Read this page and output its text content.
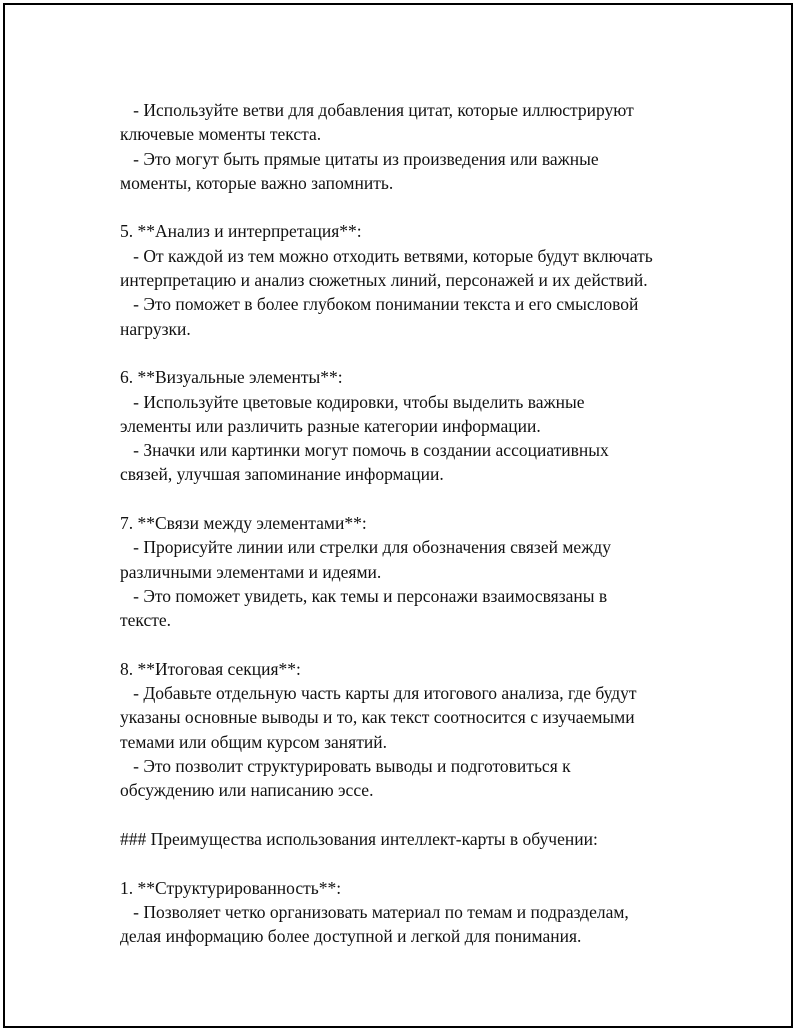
- Используйте ветви для добавления цитат, которые иллюстрируют
ключевые моменты текста.
- Это могут быть прямые цитаты из произведения или важные
моменты, которые важно запомнить.
5. **Анализ и интерпретация**:
- От каждой из тем можно отходить ветвями, которые будут включать
интерпретацию и анализ сюжетных линий, персонажей и их действий.
- Это поможет в более глубоком понимании текста и его смысловой
нагрузки.
6. **Визуальные элементы**:
- Используйте цветовые кодировки, чтобы выделить важные
элементы или различить разные категории информации.
- Значки или картинки могут помочь в создании ассоциативных
связей, улучшая запоминание информации.
7. **Связи между элементами**:
- Прорисуйте линии или стрелки для обозначения связей между
различными элементами и идеями.
- Это поможет увидеть, как темы и персонажи взаимосвязаны в
тексте.
8. **Итоговая секция**:
- Добавьте отдельную часть карты для итогового анализа, где будут
указаны основные выводы и то, как текст соотносится с изучаемыми
темами или общим курсом занятий.
- Это позволит структурировать выводы и подготовиться к
обсуждению или написанию эссе.
### Преимущества использования интеллект-карты в обучении:
1. **Структурированность**:
- Позволяет четко организовать материал по темам и подразделам,
делая информацию более доступной и легкой для понимания.
